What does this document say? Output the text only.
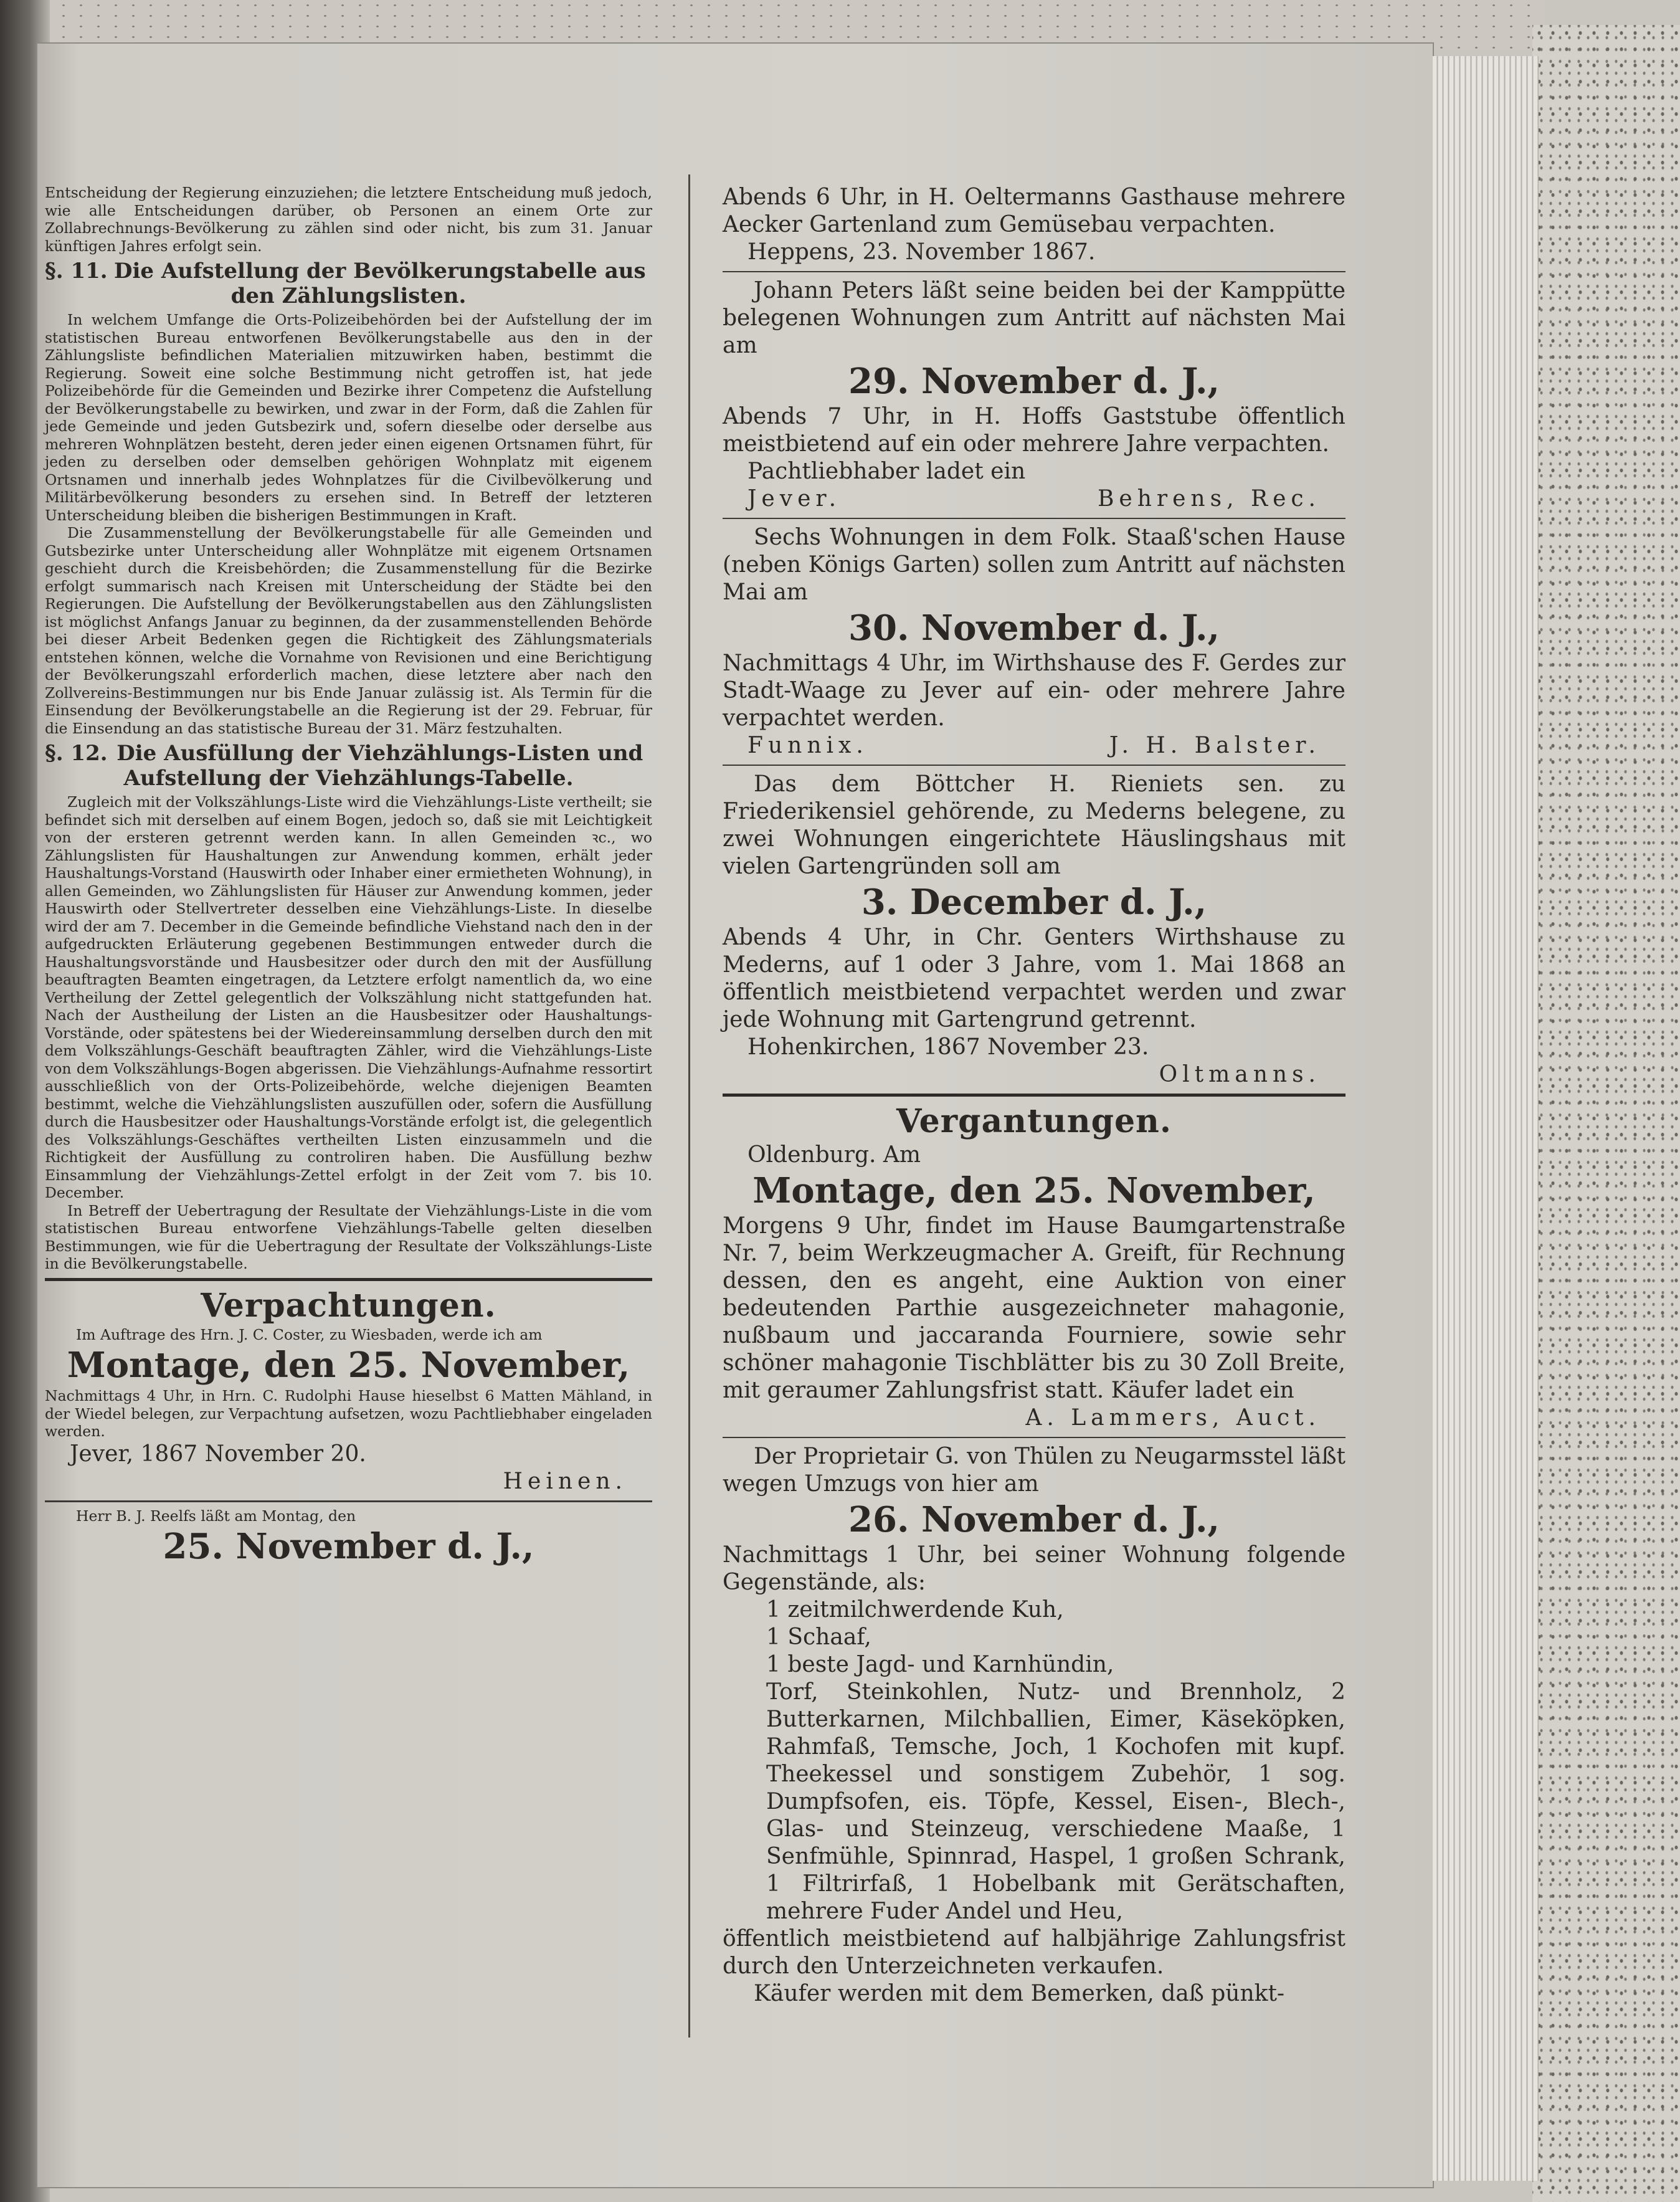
Entscheidung der Regierung einzuziehen; die letztere Entscheidung muß jedoch, wie alle Entscheidungen darüber, ob Personen an einem Orte zur Zollabrechnungs-Bevölkerung zu zählen sind oder nicht, bis zum 31. Januar künftigen Jahres erfolgt sein.

§. 11. Die Aufstellung der Bevölkerungstabelle aus den Zählungslisten.

In welchem Umfange die Orts-Polizeibehörden bei der Aufstellung der im statistischen Bureau entworfenen Bevölkerungstabelle aus den in der Zählungsliste befindlichen Materialien mitzuwirken haben, bestimmt die Regierung. Soweit eine solche Bestimmung nicht getroffen ist, hat jede Polizeibehörde für die Gemeinden und Bezirke ihrer Competenz die Aufstellung der Bevölkerungstabelle zu bewirken, und zwar in der Form, daß die Zahlen für jede Gemeinde und jeden Gutsbezirk und, sofern dieselbe oder derselbe aus mehreren Wohnplätzen besteht, deren jeder einen eigenen Ortsnamen führt, für jeden zu derselben oder demselben gehörigen Wohnplatz mit eigenem Ortsnamen und innerhalb jedes Wohnplatzes für die Civilbevölkerung und Militärbevölkerung besonders zu ersehen sind. In Betreff der letzteren Unterscheidung bleiben die bisherigen Bestimmungen in Kraft.

Die Zusammenstellung der Bevölkerungstabelle für alle Gemeinden und Gutsbezirke unter Unterscheidung aller Wohnplätze mit eigenem Ortsnamen geschieht durch die Kreisbehörden; die Zusammenstellung für die Bezirke erfolgt summarisch nach Kreisen mit Unterscheidung der Städte bei den Regierungen. Die Aufstellung der Bevölkerungstabellen aus den Zählungslisten ist möglichst Anfangs Januar zu beginnen, da der zusammenstellenden Behörde bei dieser Arbeit Bedenken gegen die Richtigkeit des Zählungsmaterials entstehen können, welche die Vornahme von Revisionen und eine Berichtigung der Bevölkerungszahl erforderlich machen, diese letztere aber nach den Zollvereins-Bestimmungen nur bis Ende Januar zulässig ist. Als Termin für die Einsendung der Bevölkerungstabelle an die Regierung ist der 29. Februar, für die Einsendung an das statistische Bureau der 31. März festzuhalten.

§. 12. Die Ausfüllung der Viehzählungs-Listen und Aufstellung der Viehzählungs-Tabelle.

Zugleich mit der Volkszählungs-Liste wird die Viehzählungs-Liste vertheilt; sie befindet sich mit derselben auf einem Bogen, jedoch so, daß sie mit Leichtigkeit von der ersteren getrennt werden kann. In allen Gemeinden ꝛc., wo Zählungslisten für Haushaltungen zur Anwendung kommen, erhält jeder Haushaltungs-Vorstand (Hauswirth oder Inhaber einer ermietheten Wohnung), in allen Gemeinden, wo Zählungslisten für Häuser zur Anwendung kommen, jeder Hauswirth oder Stellvertreter desselben eine Viehzählungs-Liste. In dieselbe wird der am 7. December in die Gemeinde befindliche Viehstand nach den in der aufgedruckten Erläuterung gegebenen Bestimmungen entweder durch die Haushaltungsvorstände und Hausbesitzer oder durch den mit der Ausfüllung beauftragten Beamten eingetragen, da Letztere erfolgt namentlich da, wo eine Vertheilung der Zettel gelegentlich der Volkszählung nicht stattgefunden hat. Nach der Austheilung der Listen an die Hausbesitzer oder Haushaltungs-Vorstände, oder spätestens bei der Wiedereinsammlung derselben durch den mit dem Volkszählungs-Geschäft beauftragten Zähler, wird die Viehzählungs-Liste von dem Volkszählungs-Bogen abgerissen. Die Viehzählungs-Aufnahme ressortirt ausschließlich von der Orts-Polizeibehörde, welche diejenigen Beamten bestimmt, welche die Viehzählungslisten auszufüllen oder, sofern die Ausfüllung durch die Hausbesitzer oder Haushaltungs-Vorstände erfolgt ist, die gelegentlich des Volkszählungs-Geschäftes vertheilten Listen einzusammeln und die Richtigkeit der Ausfüllung zu controliren haben. Die Ausfüllung bezhw Einsammlung der Viehzählungs-Zettel erfolgt in der Zeit vom 7. bis 10. December.

In Betreff der Uebertragung der Resultate der Viehzählungs-Liste in die vom statistischen Bureau entworfene Viehzählungs-Tabelle gelten dieselben Bestimmungen, wie für die Uebertragung der Resultate der Volkszählungs-Liste in die Bevölkerungstabelle.

Verpachtungen.

Im Auftrage des Hrn. J. C. Coster, zu Wiesbaden, werde ich am

Montage, den 25. November,

Nachmittags 4 Uhr, in Hrn. C. Rudolphi Hause hieselbst 6 Matten Mähland, in der Wiedel belegen, zur Verpachtung aufsetzen, wozu Pachtliebhaber eingeladen werden.

Jever, 1867 November 20.
Heinen.

Herr B. J. Reelfs läßt am Montag, den

25. November d. J.,

Abends 6 Uhr, in H. Oeltermanns Gasthause mehrere Aecker Gartenland zum Gemüsebau verpachten.

Heppens, 23. November 1867.

Johann Peters läßt seine beiden bei der Kamppütte belegenen Wohnungen zum Antritt auf nächsten Mai am

29. November d. J.,

Abends 7 Uhr, in H. Hoffs Gaststube öffentlich meistbietend auf ein oder mehrere Jahre verpachten.

Pachtliebhaber ladet ein
Jever.	Behrens, Rec.

Sechs Wohnungen in dem Folk. Staaß'schen Hause (neben Königs Garten) sollen zum Antritt auf nächsten Mai am

30. November d. J.,

Nachmittags 4 Uhr, im Wirthshause des F. Gerdes zur Stadt-Waage zu Jever auf ein- oder mehrere Jahre verpachtet werden.

Funnix.	J. H. Balster.

Das dem Böttcher H. Rieniets sen. zu Friederikensiel gehörende, zu Mederns belegene, zu zwei Wohnungen eingerichtete Häuslingshaus mit vielen Gartengründen soll am

3. December d. J.,

Abends 4 Uhr, in Chr. Genters Wirthshause zu Mederns, auf 1 oder 3 Jahre, vom 1. Mai 1868 an öffentlich meistbietend verpachtet werden und zwar jede Wohnung mit Gartengrund getrennt.

Hohenkirchen, 1867 November 23.
Oltmanns.
Vergantungen.
Oldenburg. Am
Montage, den 25. November,

Morgens 9 Uhr, findet im Hause Baumgartenstraße Nr. 7, beim Werkzeugmacher A. Greift, für Rechnung dessen, den es angeht, eine Auktion von einer bedeutenden Parthie ausgezeichneter mahagonie, nußbaum und jaccaranda Fourniere, sowie sehr schöner mahagonie Tischblätter bis zu 30 Zoll Breite, mit geraumer Zahlungsfrist statt. Käufer ladet ein

A. Lammers, Auct.

Der Proprietair G. von Thülen zu Neugarmsstel läßt wegen Umzugs von hier am

26. November d. J.,

Nachmittags 1 Uhr, bei seiner Wohnung folgende Gegenstände, als:

1 zeitmilchwerdende Kuh,
1 Schaaf,
1 beste Jagd- und Karnhündin,
Torf, Steinkohlen, Nutz- und Brennholz, 2 Butterkarnen, Milchballien, Eimer, Käseköpken, Rahmfaß, Temsche, Joch, 1 Kochofen mit kupf. Theekessel und sonstigem Zubehör, 1 sog. Dumpfsofen, eis. Töpfe, Kessel, Eisen-, Blech-, Glas- und Steinzeug, verschiedene Maaße, 1 Senfmühle, Spinnrad, Haspel, 1 großen Schrank, 1 Filtrirfaß, 1 Hobelbank mit Gerätschaften, mehrere Fuder Andel und Heu,

öffentlich meistbietend auf halbjährige Zahlungsfrist durch den Unterzeichneten verkaufen.

Käufer werden mit dem Bemerken, daß pünkt-
